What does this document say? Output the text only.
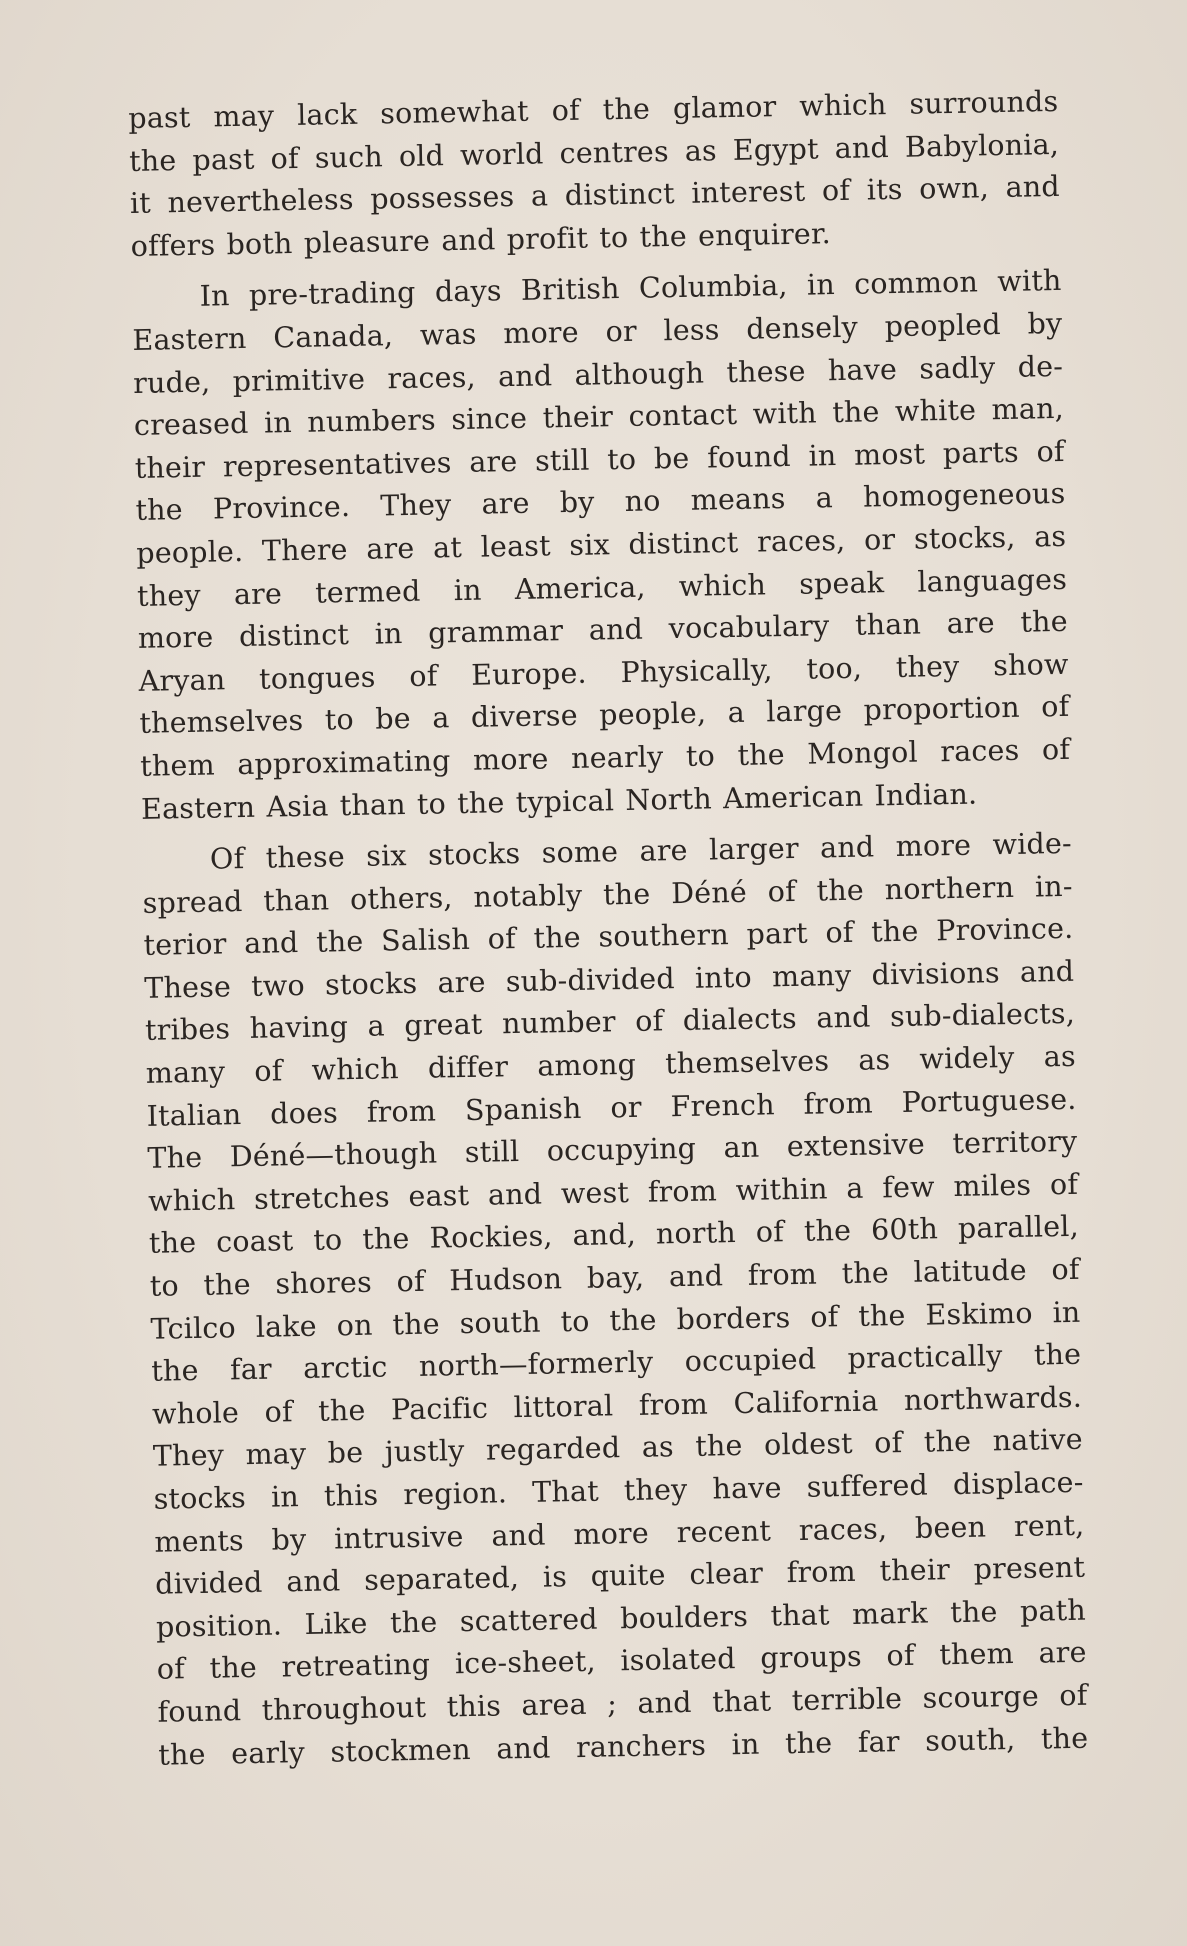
past may lack somewhat of the glamor which surrounds
the past of such old world centres as Egypt and Babylonia,
it nevertheless possesses a distinct interest of its own, and
offers both pleasure and profit to the enquirer.
In pre-trading days British Columbia, in common with
Eastern Canada, was more or less densely peopled by
rude, primitive races, and although these have sadly de-
creased in numbers since their contact with the white man,
their representatives are still to be found in most parts of
the Province. They are by no means a homogeneous
people. There are at least six distinct races, or stocks, as
they are termed in America, which speak languages
more distinct in grammar and vocabulary than are the
Aryan tongues of Europe. Physically, too, they show
themselves to be a diverse people, a large proportion of
them approximating more nearly to the Mongol races of
Eastern Asia than to the typical North American Indian.
Of these six stocks some are larger and more wide-
spread than others, notably the Déné of the northern in-
terior and the Salish of the southern part of the Province.
These two stocks are sub-divided into many divisions and
tribes having a great number of dialects and sub-dialects,
many of which differ among themselves as widely as
Italian does from Spanish or French from Portuguese.
The Déné—though still occupying an extensive territory
which stretches east and west from within a few miles of
the coast to the Rockies, and, north of the 60th parallel,
to the shores of Hudson bay, and from the latitude of
Tcilco lake on the south to the borders of the Eskimo in
the far arctic north—formerly occupied practically the
whole of the Pacific littoral from California northwards.
They may be justly regarded as the oldest of the native
stocks in this region. That they have suffered displace-
ments by intrusive and more recent races, been rent,
divided and separated, is quite clear from their present
position. Like the scattered boulders that mark the path
of the retreating ice-sheet, isolated groups of them are
found throughout this area ; and that terrible scourge of
the early stockmen and ranchers in the far south, the
